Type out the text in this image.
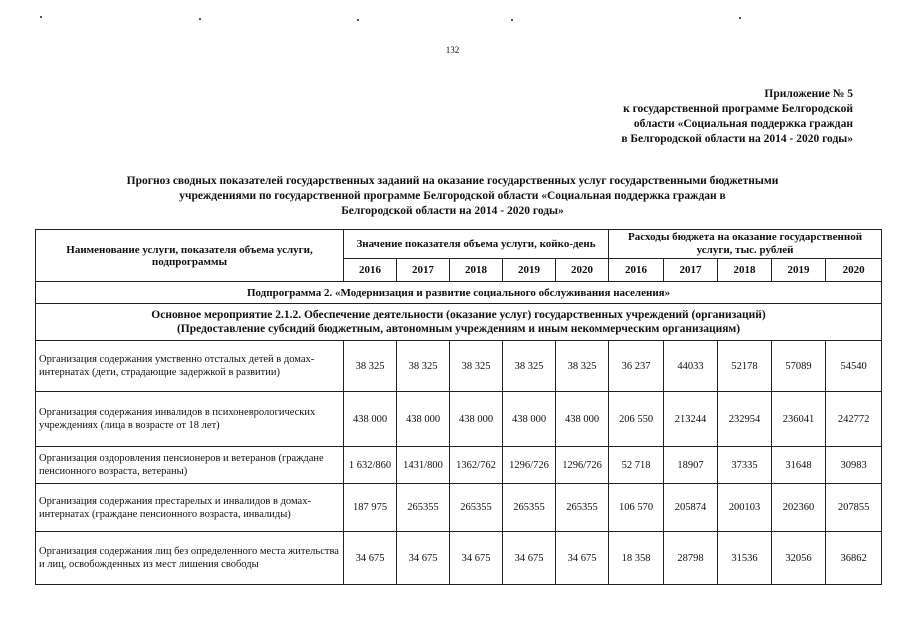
132
Приложение № 5
к государственной программе Белгородской
области «Социальная поддержка граждан
в Белгородской области на 2014 - 2020 годы»
Прогноз сводных показателей государственных заданий на оказание государственных услуг государственными бюджетными
учреждениями по государственной программе Белгородской области «Социальная поддержка граждан в
Белгородской области на 2014 - 2020 годы»
Наименование услуги, показателя объема услуги, подпрограммы	Значение показателя объема услуги, койко-день					Расходы бюджета на оказание государственной услуги, тыс. рублей				
	2016	2017	2018	2019	2020	2016	2017	2018	2019	2020
Подпрограмма 2. «Модернизация и развитие социального обслуживания населения»										

Основное мероприятие 2.1.2. Обеспечение деятельности (оказание услуг) государственных учреждений (организаций)
(Предоставление субсидий бюджетным, автономным учреждениям и иным некоммерческим организациям)										

Организация содержания умственно отсталых детей в домах-интернатах (дети, страдающие задержкой в развитии)	38 325	38 325	38 325	38 325	38 325	36 237	44033	52178	57089	54540
Организация содержания инвалидов в психоневрологических учреждениях (лица в возрасте от 18 лет)	438 000	438 000	438 000	438 000	438 000	206 550	213244	232954	236041	242772
Организация оздоровления пенсионеров и ветеранов (граждане пенсионного возраста, ветераны)	1 632/860	1431/800	1362/762	1296/726	1296/726	52 718	18907	37335	31648	30983
Организация содержания престарелых и инвалидов в домах-интернатах (граждане пенсионного возраста, инвалиды)	187 975	265355	265355	265355	265355	106 570	205874	200103	202360	207855
Организация содержания лиц без определенного места жительства и лиц, освобожденных из мест лишения свободы	34 675	34 675	34 675	34 675	34 675	18 358	28798	31536	32056	36862
